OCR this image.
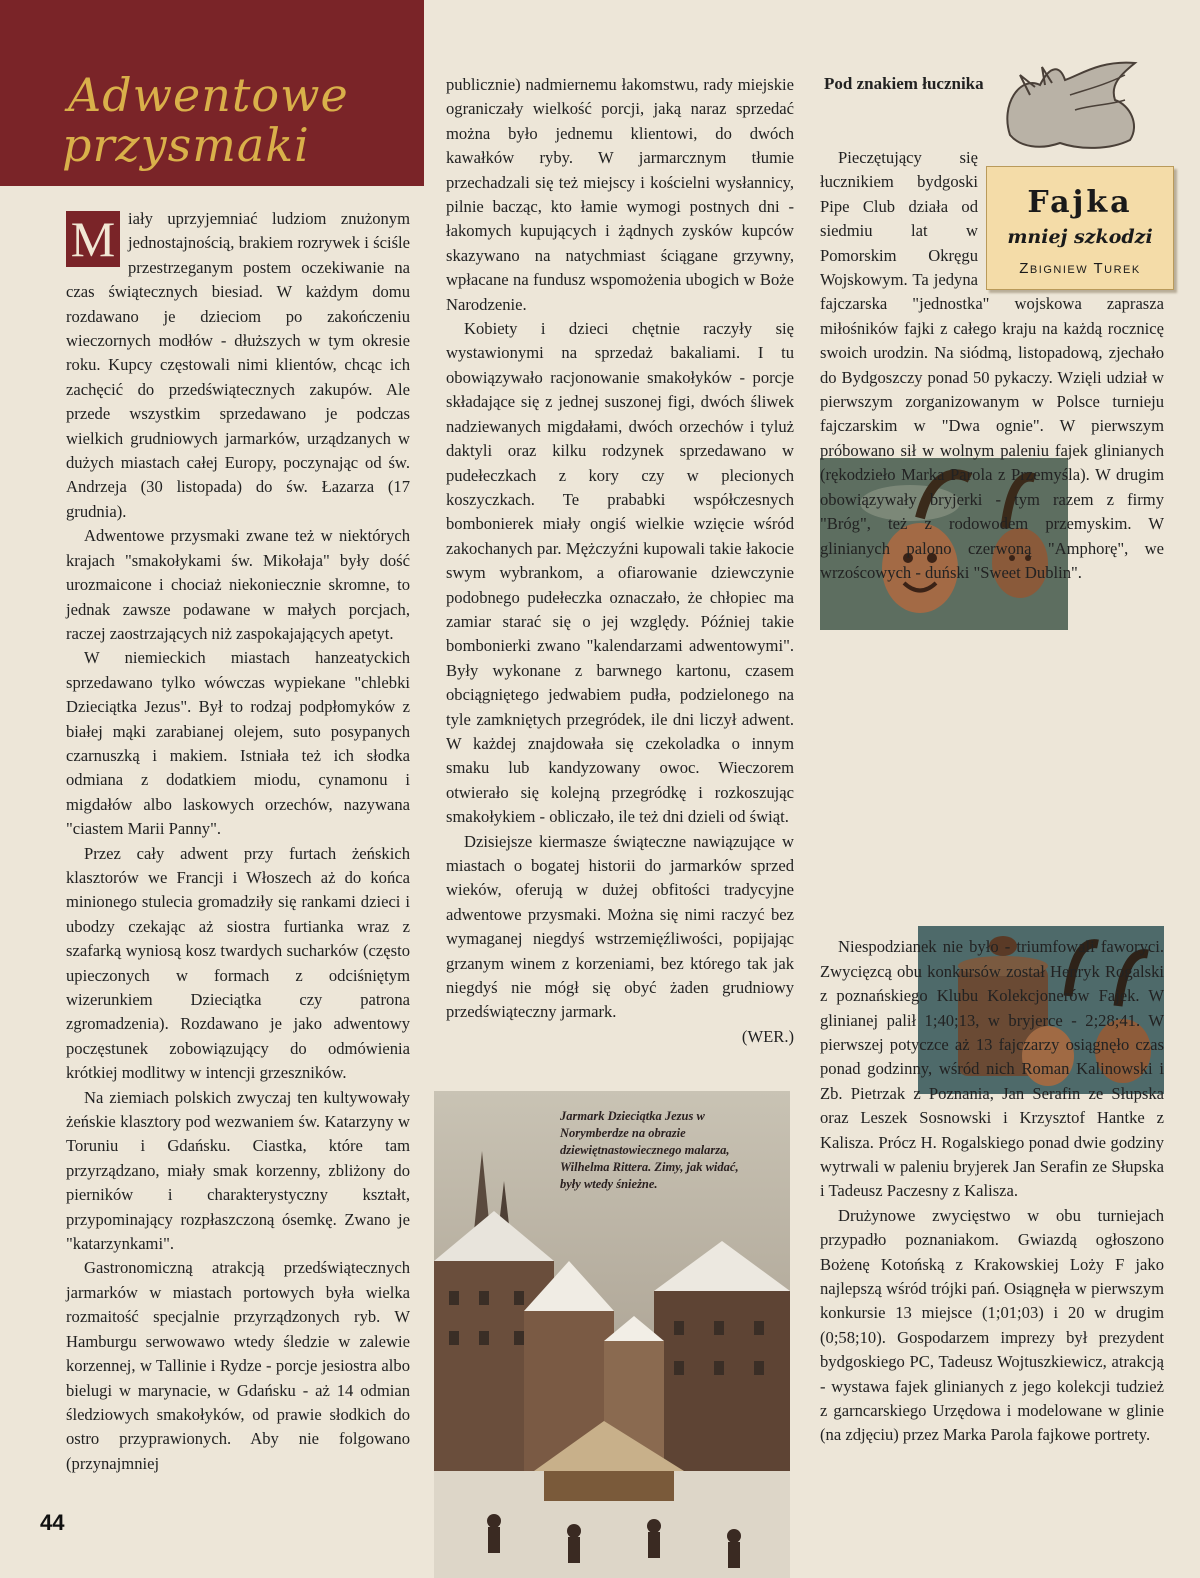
Adwentowe
przysmaki

M iały uprzyjemniać ludziom znużonym jednostajnością, brakiem rozrywek i ściśle przestrzeganym postem oczekiwanie na czas świątecznych biesiad. W każdym domu rozdawano je dzieciom po zakończeniu wieczornych modłów - dłuższych w tym okresie roku. Kupcy częstowali nimi klientów, chcąc ich zachęcić do przedświątecznych zakupów. Ale przede wszystkim sprzedawano je podczas wielkich grudniowych jarmarków, urządzanych w dużych miastach całej Europy, poczynając od św. Andrzeja (30 listopada) do św. Łazarza (17 grudnia).

Adwentowe przysmaki zwane też w niektórych krajach "smakołykami św. Mikołaja" były dość urozmaicone i chociaż niekoniecznie skromne, to jednak zawsze podawane w małych porcjach, raczej zaostrzających niż zaspokajających apetyt.

W niemieckich miastach hanzeatyckich sprzedawano tylko wówczas wypiekane "chlebki Dzieciątka Jezus". Był to rodzaj podpłomyków z białej mąki zarabianej olejem, suto posypanych czarnuszką i makiem. Istniała też ich słodka odmiana z dodatkiem miodu, cynamonu i migdałów albo laskowych orzechów, nazywana "ciastem Marii Panny".

Przez cały adwent przy furtach żeńskich klasztorów we Francji i Włoszech aż do końca minionego stulecia gromadziły się rankami dzieci i ubodzy czekając aż siostra furtianka wraz z szafarką wyniosą kosz twardych sucharków (często upieczonych w formach z odciśniętym wizerunkiem Dzieciątka czy patrona zgromadzenia). Rozdawano je jako adwentowy poczęstunek zobowiązujący do odmówienia krótkiej modlitwy w intencji grzeszników.

Na ziemiach polskich zwyczaj ten kultywowały żeńskie klasztory pod wezwaniem św. Katarzyny w Toruniu i Gdańsku. Ciastka, które tam przyrządzano, miały smak korzenny, zbliżony do pierników i charakterystyczny kształt, przypominający rozpłaszczoną ósemkę. Zwano je "katarzynkami".

Gastronomiczną atrakcją przedświątecznych jarmarków w miastach portowych była wielka rozmaitość specjalnie przyrządzonych ryb. W Hamburgu serwowawo wtedy śledzie w zalewie korzennej, w Tallinie i Rydze - porcje jesiostra albo bielugi w marynacie, w Gdańsku - aż 14 odmian śledziowych smakołyków, od prawie słodkich do ostro przyprawionych. Aby nie folgowano (przynajmniej

publicznie) nadmiernemu łakomstwu, rady miejskie ograniczały wielkość porcji, jaką naraz sprzedać można było jednemu klientowi, do dwóch kawałków ryby. W jarmarcznym tłumie przechadzali się też miejscy i kościelni wysłannicy, pilnie bacząc, kto łamie wymogi postnych dni - łakomych kupujących i żądnych zysków kupców skazywano na natychmiast ściągane grzywny, wpłacane na fundusz wspomożenia ubogich w Boże Narodzenie.

Kobiety i dzieci chętnie raczyły się wystawionymi na sprzedaż bakaliami. I tu obowiązywało racjonowanie smakołyków - porcje składające się z jednej suszonej figi, dwóch śliwek nadziewanych migdałami, dwóch orzechów i tyluż daktyli oraz kilku rodzynek sprzedawano w pudełeczkach z kory czy w plecionych koszyczkach. Te prababki współczesnych bombonierek miały ongiś wielkie wzięcie wśród zakochanych par. Mężczyźni kupowali takie łakocie swym wybrankom, a ofiarowanie dziewczynie podobnego pudełeczka oznaczało, że chłopiec ma zamiar starać się o jej względy. Później takie bombonierki zwano "kalendarzami adwentowymi". Były wykonane z barwnego kartonu, czasem obciągniętego jedwabiem pudła, podzielonego na tyle zamkniętych przegródek, ile dni liczył adwent. W każdej znajdowała się czekoladka o innym smaku lub kandyzowany owoc. Wieczorem otwierało się kolejną przegródkę i rozkoszując smakołykiem - obliczało, ile też dni dzieli od świąt.

Dzisiejsze kiermasze świąteczne nawiązujące w miastach o bogatej historii do jarmarków sprzed wieków, oferują w dużej obfitości tradycyjne adwentowe przysmaki. Można się nimi raczyć bez wymaganej niegdyś wstrzemięźliwości, popijając grzanym winem z korzeniami, bez którego tak jak niegdyś nie mógł się obyć żaden grudniowy przedświąteczny jarmark.

(WER.)
Jarmark Dzieciątka Jezus w Norymberdze na obrazie dziewiętnastowiecznego malarza, Wilhelma Rittera. Zimy, jak widać, były wtedy śnieżne.
Pod znakiem łucznika
Fajka
mniej szkodzi
Zbigniew Turek

Pieczętujący się łucznikiem bydgoski Pipe Club działa od siedmiu lat w Pomorskim Okręgu Wojskowym. Ta jedyna fajczarska "jednostka" wojskowa zaprasza miłośników fajki z całego kraju na każdą rocznicę swoich urodzin. Na siódmą, listopadową, zjechało do Bydgoszczy ponad 50 pykaczy. Wzięli udział w pierwszym zorganizowanym w Polsce turnieju fajczarskim w "Dwa ognie". W pierwszym próbowano sił w wolnym paleniu fajek glinianych (rękodzieło Marka Parola z Przemyśla). W drugim obowiązywały bryjerki - tym razem z firmy "Bróg", też z rodowodem przemyskim. W glinianych palono czerwoną "Amphorę", we wrzoścowych - duński "Sweet Dublin".

Niespodzianek nie było - triumfowali faworyci. Zwycięzcą obu konkursów został Henryk Rogalski z poznańskiego Klubu Kolekcjonerów Fajek. W glinianej palił 1;40;13, w bryjerce - 2;28;41. W pierwszej potyczce aż 13 fajczarzy osiągnęło czas ponad godzinny, wśród nich Roman Kalinowski i Zb. Pietrzak z Poznania, Jan Serafin ze Słupska oraz Leszek Sosnowski i Krzysztof Hantke z Kalisza. Prócz H. Rogalskiego ponad dwie godziny wytrwali w paleniu bryjerek Jan Serafin ze Słupska i Tadeusz Paczesny z Kalisza.

Drużynowe zwycięstwo w obu turniejach przypadło poznaniakom. Gwiazdą ogłoszono Bożenę Kotońską z Krakowskiej Loży F jako najlepszą wśród trójki pań. Osiągnęła w pierwszym konkursie 13 miejsce (1;01;03) i 20 w drugim (0;58;10). Gospodarzem imprezy był prezydent bydgoskiego PC, Tadeusz Wojtuszkiewicz, atrakcją - wystawa fajek glinianych z jego kolekcji tudzież z garncarskiego Urzędowa i modelowane w glinie (na zdjęciu) przez Marka Parola fajkowe portrety.

44
